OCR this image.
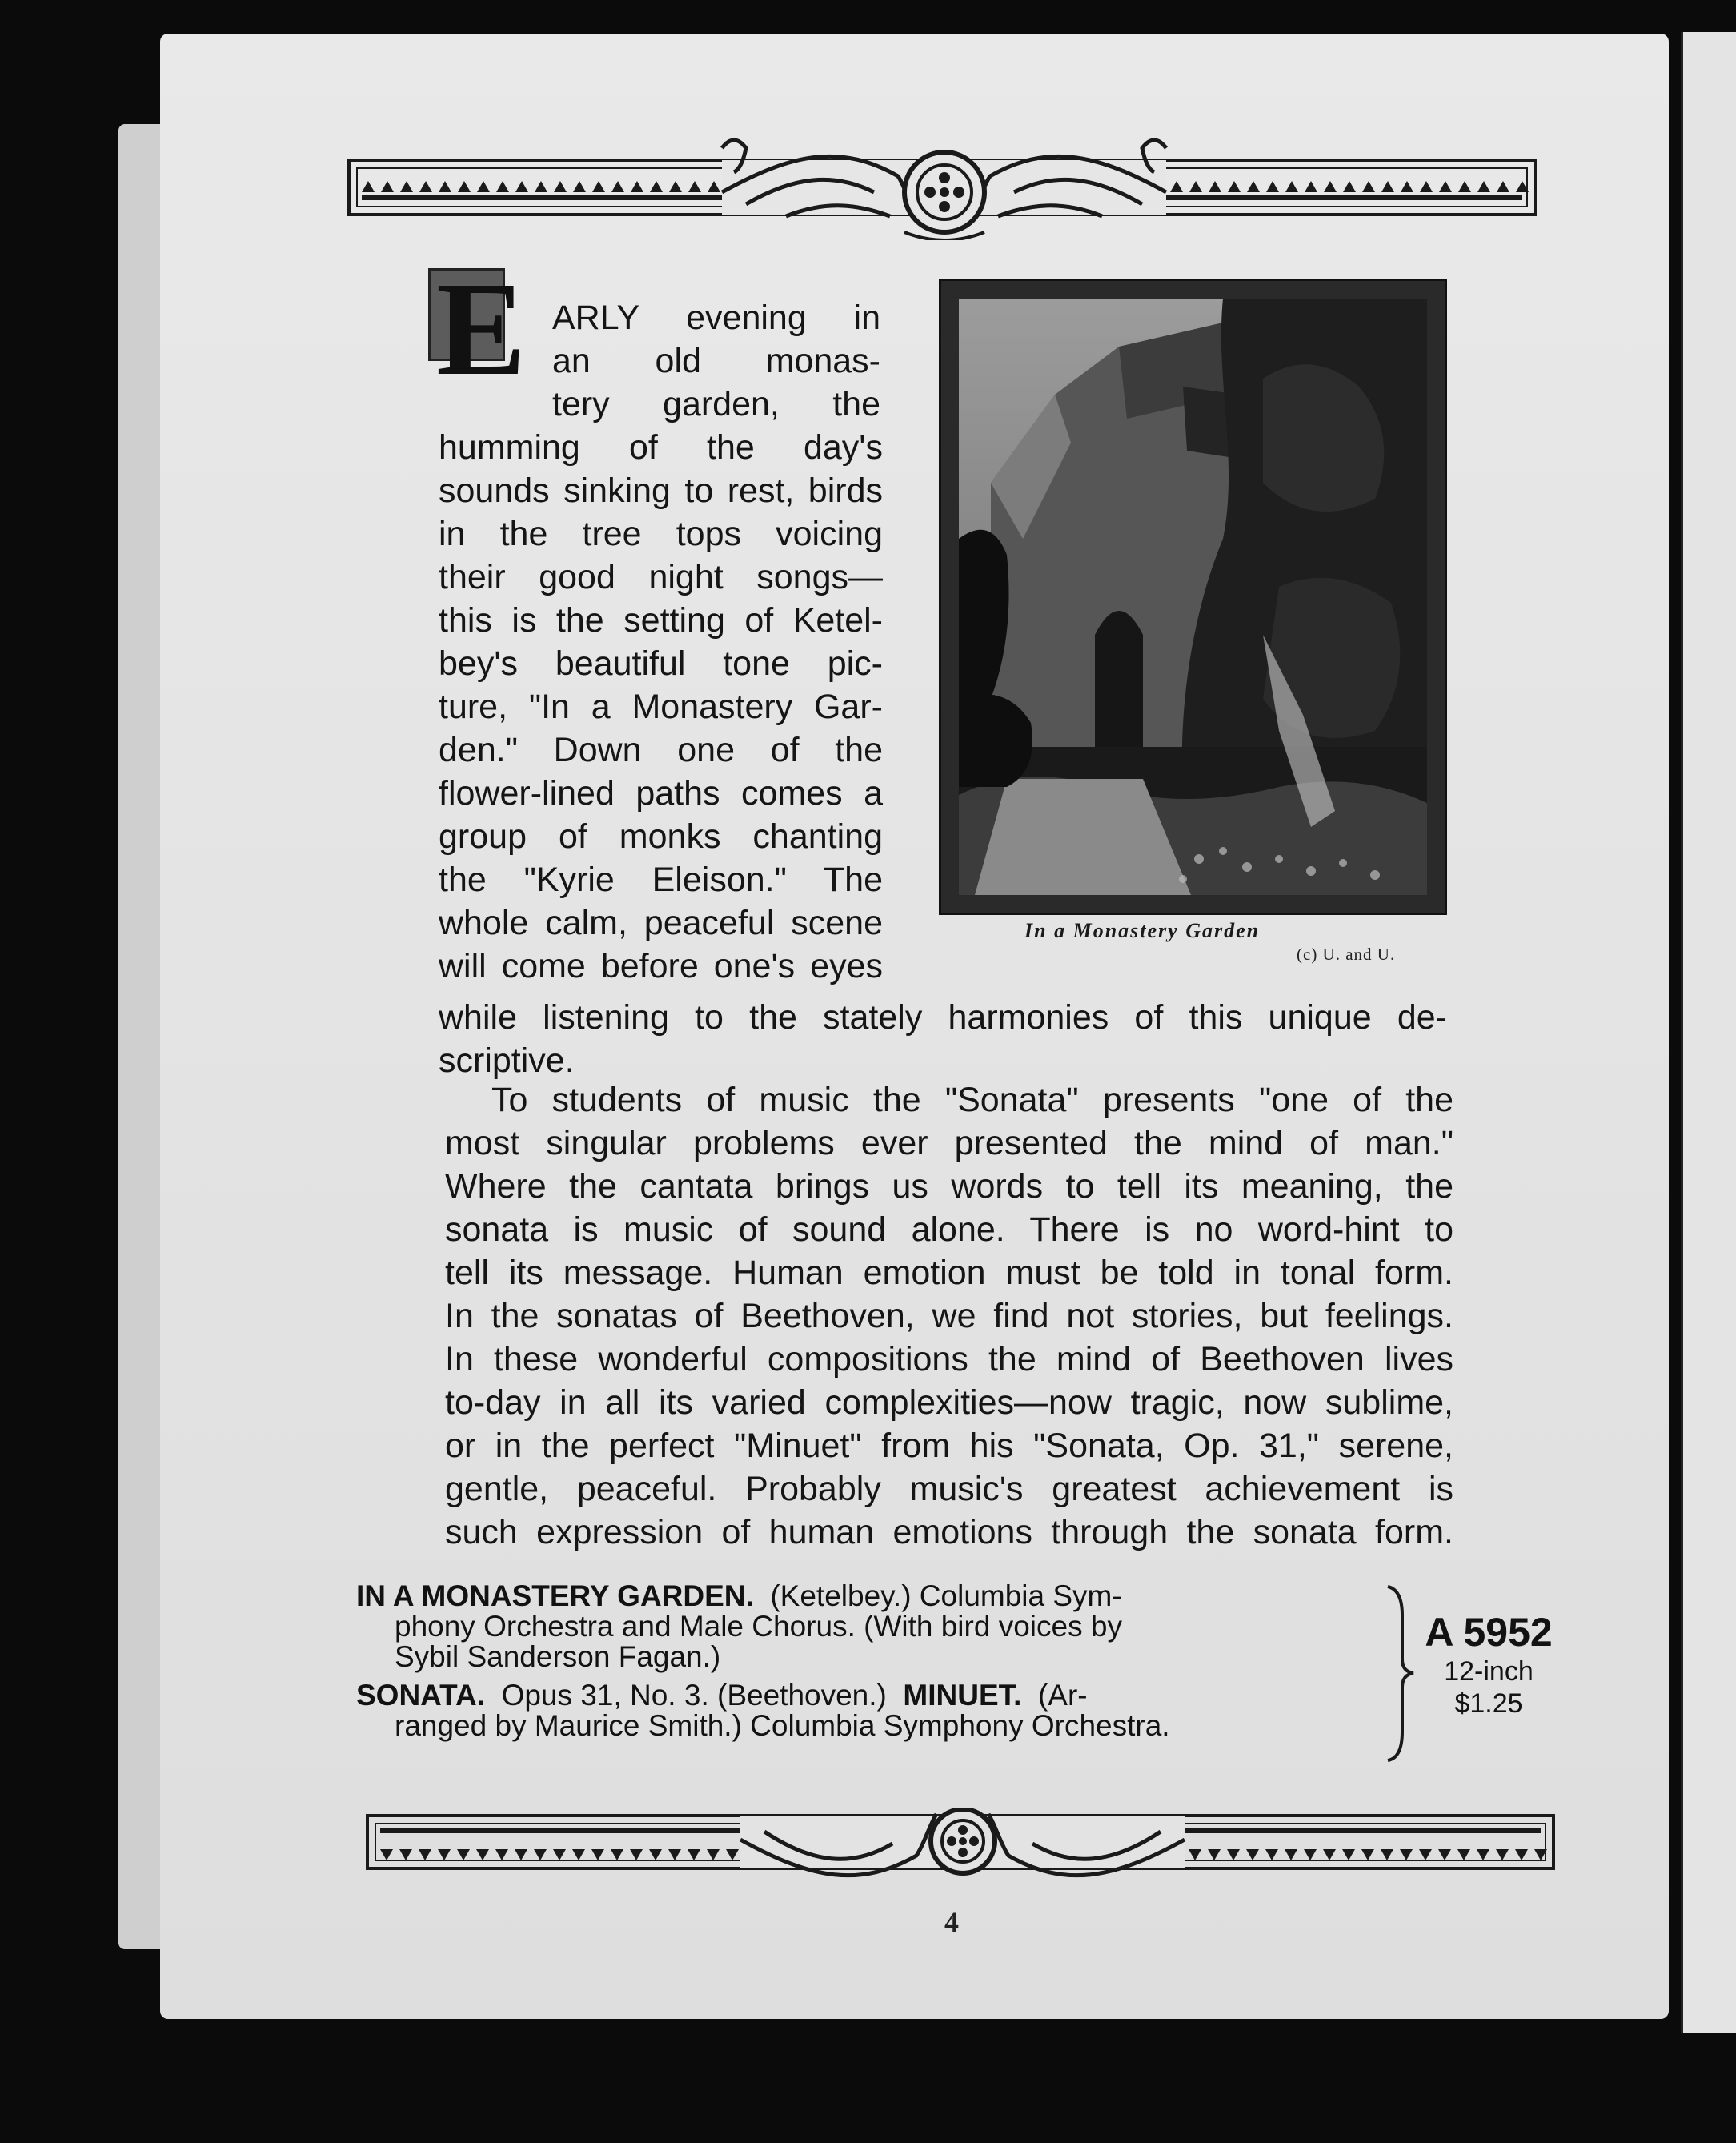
E ARLY evening in
an old monas-
tery garden, the
humming of the day's
sounds sinking to rest, birds
in the tree tops voicing
their good night songs—
this is the setting of Ketel-
bey's beautiful tone pic-
ture, "In a Monastery Gar-
den." Down one of the
flower-lined paths comes a
group of monks chanting
the "Kyrie Eleison." The
whole calm, peaceful scene
will come before one's eyes
while listening to the stately harmonies of this unique de-
scriptive.
In a Monastery Garden
(c) U. and U.
To students of music the "Sonata" presents "one of the
most singular problems ever presented the mind of man."
Where the cantata brings us words to tell its meaning, the
sonata is music of sound alone. There is no word-hint to
tell its message. Human emotion must be told in tonal form.
In the sonatas of Beethoven, we find not stories, but feelings.
In these wonderful compositions the mind of Beethoven lives
to-day in all its varied complexities—now tragic, now sublime,
or in the perfect "Minuet" from his "Sonata, Op. 31," serene,
gentle, peaceful. Probably music's greatest achievement is
such expression of human emotions through the sonata form.
IN A MONASTERY GARDEN. (Ketelbey.) Columbia Sym-
phony Orchestra and Male Chorus. (With bird voices by
Sybil Sanderson Fagan.)
SONATA. Opus 31, No. 3. (Beethoven.) MINUET. (Ar-
ranged by Maurice Smith.) Columbia Symphony Orchestra.
A 5952
12-inch
$1.25
4
